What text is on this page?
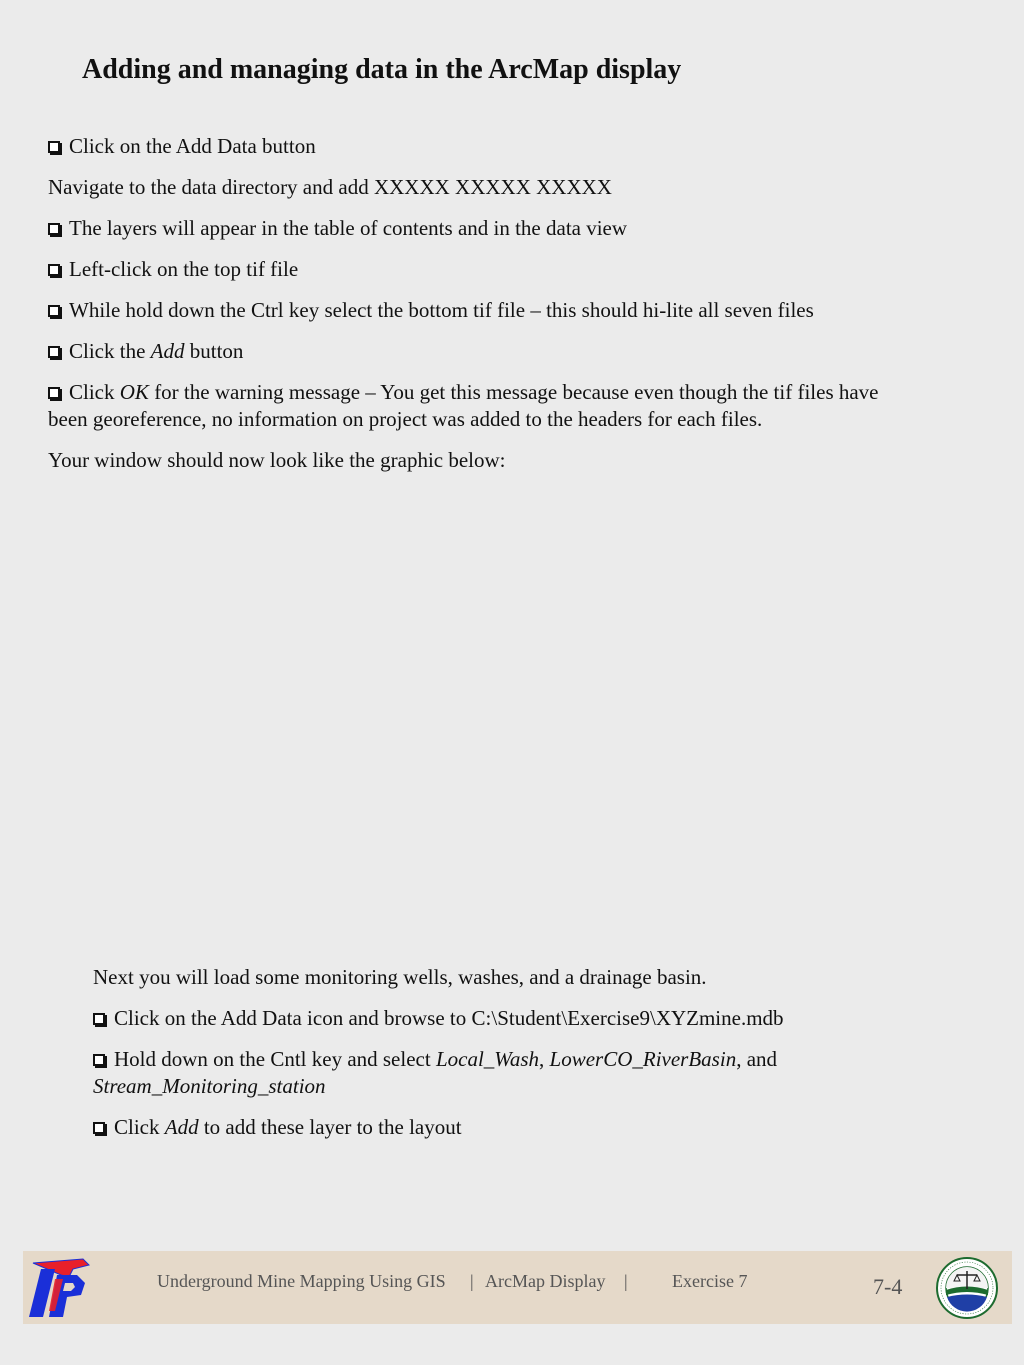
Adding and managing data in the ArcMap display

Click on the Add Data button

Navigate to the data directory and add XXXXX XXXXX XXXXX

The layers will appear in the table of contents and in the data view

Left-click on the top tif file

While hold down the Ctrl key select the bottom tif file – this should hi-lite all seven files

Click the Add button

Click OK for the warning message – You get this message because even though the tif files have been georeference, no information on project was added to the headers for each files.

Your window should now look like the graphic below:

Next you will load some monitoring wells, washes, and a drainage basin.

Click on the Add Data icon and browse to C:\Student\Exercise9\XYZmine.mdb

Hold down on the Cntl key and select Local_Wash, LowerCO_RiverBasin, and Stream_Monitoring_station

Click Add to add these layer to the layout

Underground Mine Mapping Using GIS | ArcMap Display | Exercise 7	7-4
